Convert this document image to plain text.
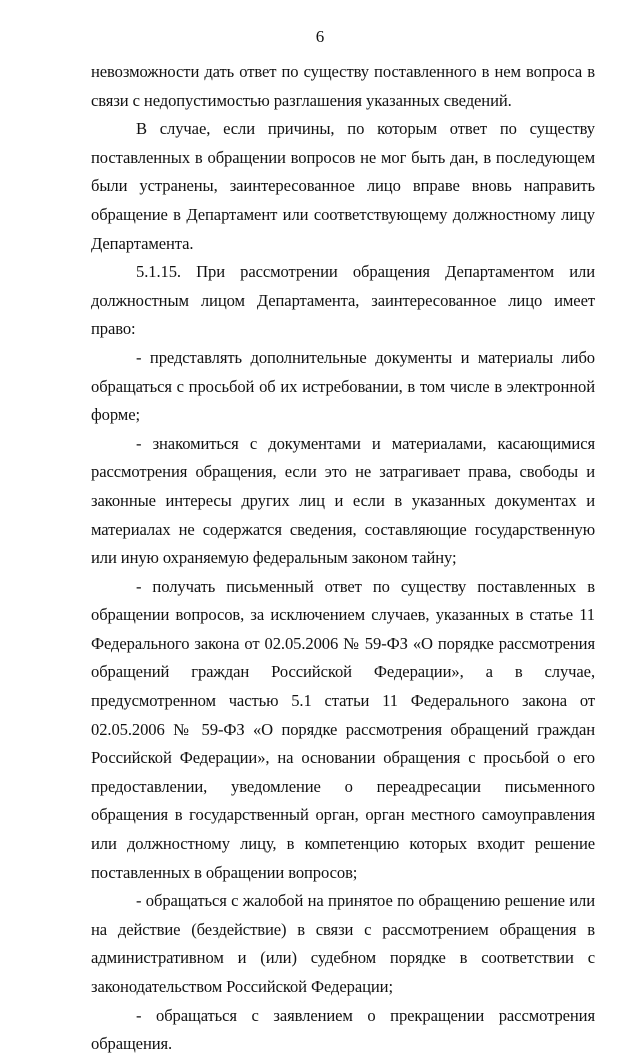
6

невозможности дать ответ по существу поставленного в нем вопроса в связи с недопустимостью разглашения указанных сведений.

В случае, если причины, по которым ответ по существу поставленных в обращении вопросов не мог быть дан, в последующем были устранены, заинтересованное лицо вправе вновь направить обращение в Департамент или соответствующему должностному лицу Департамента.

5.1.15. При рассмотрении обращения Департаментом или должностным лицом Департамента, заинтересованное лицо имеет право:

- представлять дополнительные документы и материалы либо обращаться с просьбой об их истребовании, в том числе в электронной форме;

- знакомиться с документами и материалами, касающимися рассмотрения обращения, если это не затрагивает права, свободы и законные интересы других лиц и если в указанных документах и материалах не содержатся сведения, составляющие государственную или иную охраняемую федеральным законом тайну;

- получать письменный ответ по существу поставленных в обращении вопросов, за исключением случаев, указанных в статье 11 Федерального закона от 02.05.2006 № 59-ФЗ «О порядке рассмотрения обращений граждан Российской Федерации», а в случае, предусмотренном частью 5.1 статьи 11 Федерального закона от 02.05.2006 № 59-ФЗ «О порядке рассмотрения обращений граждан Российской Федерации», на основании обращения с просьбой о его предоставлении, уведомление о переадресации письменного обращения в государственный орган, орган местного самоуправления или должностному лицу, в компетенцию которых входит решение поставленных в обращении вопросов;

- обращаться с жалобой на принятое по обращению решение или на действие (бездействие) в связи с рассмотрением обращения в административном и (или) судебном порядке в соответствии с законодательством Российской Федерации;

- обращаться с заявлением о прекращении рассмотрения обращения.
